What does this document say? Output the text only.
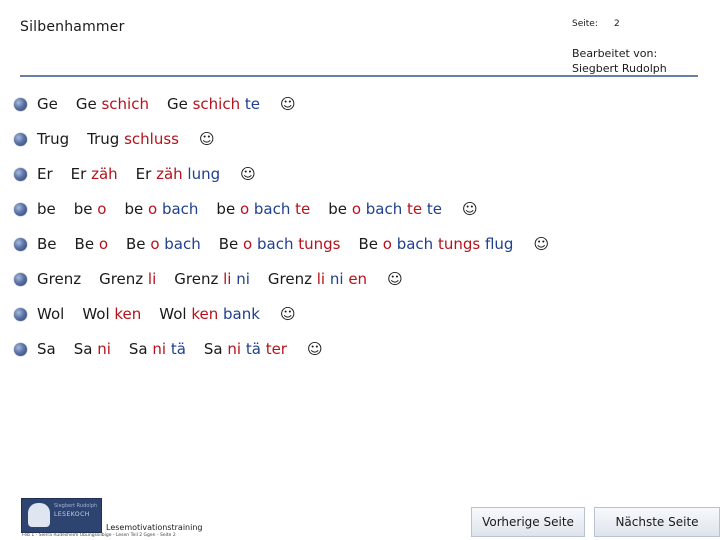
Silbenhammer	Seite: 2
Bearbeitet von:
Siegbert Rudolph
Ge Ge schich Ge schich te ☺
Trug Trug schluss ☺
Er Er zäh Er zäh lung ☺
be be o be o bach be o bach te be o bach te te ☺
Be Be o Be o bach Be o bach tungs Be o bach tungs flug ☺
Grenz Grenz li Grenz li ni Grenz li ni en ☺
Wol Wol ken Wol ken bank ☺
Sa Sa ni Sa ni tä Sa ni tä ter ☺
Siegbert Rudolph
LESEKOCH
Lesemotivationstraining
Feb 1 - Sierra Rüdesheim Übungssilbige - Lesen Teil 2 Ggen - Seite 2
Vorherige Seite	Nächste Seite
